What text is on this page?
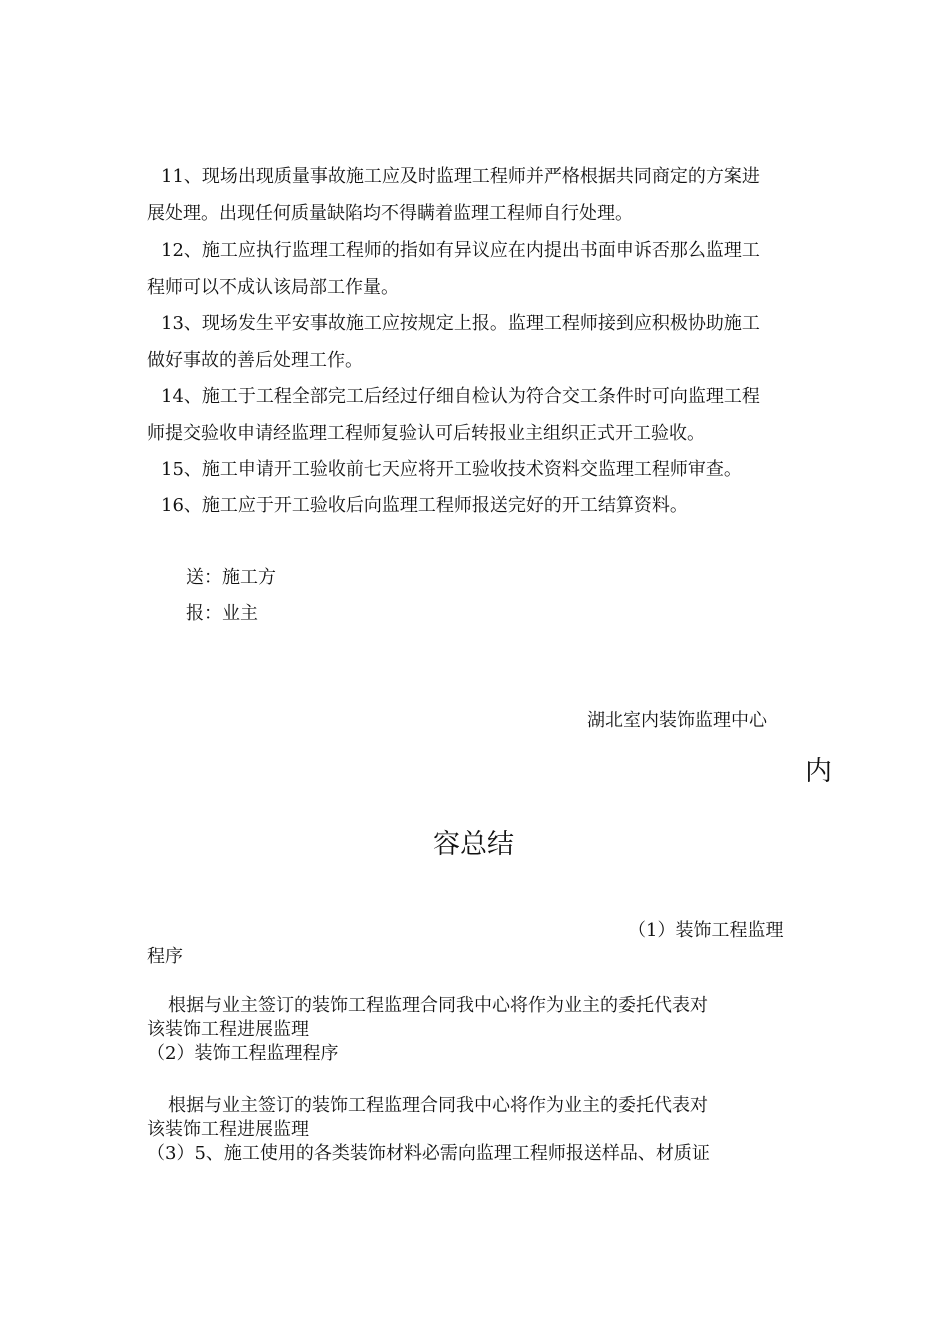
11、现场出现质量事故施工应及时监理工程师并严格根据共同商定的方案进
展处理。出现任何质量缺陷均不得瞒着监理工程师自行处理。
12、施工应执行监理工程师的指如有异议应在内提出书面申诉否那么监理工
程师可以不成认该局部工作量。
13、现场发生平安事故施工应按规定上报。监理工程师接到应积极协助施工
做好事故的善后处理工作。
14、施工于工程全部完工后经过仔细自检认为符合交工条件时可向监理工程
师提交验收申请经监理工程师复验认可后转报业主组织正式开工验收。
15、施工申请开工验收前七天应将开工验收技术资料交监理工程师审查。
16、施工应于开工验收后向监理工程师报送完好的开工结算资料。
送：施工方
报：业主
湖北室内装饰监理中心
内
容总结
（1）装饰工程监理
程序
根据与业主签订的装饰工程监理合同我中心将作为业主的委托代表对
该装饰工程进展监理
（2）装饰工程监理程序
根据与业主签订的装饰工程监理合同我中心将作为业主的委托代表对
该装饰工程进展监理
（3）5、施工使用的各类装饰材料必需向监理工程师报送样品、材质证
